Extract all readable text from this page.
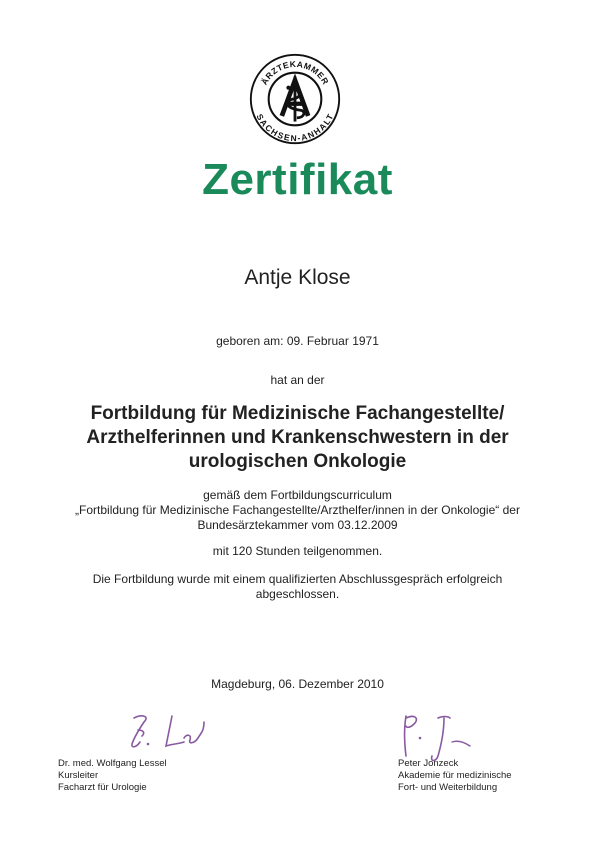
ÄRZTEKAMMER
SACHSEN-ANHALT
Zertifikat
Antje Klose
geboren am: 09. Februar 1971
hat an der
Fortbildung für Medizinische Fachangestellte/
Arzthelferinnen und Krankenschwestern in der
urologischen Onkologie
gemäß dem Fortbildungscurriculum
„Fortbildung für Medizinische Fachangestellte/Arzthelfer/innen in der Onkologie“ der
Bundesärztekammer vom 03.12.2009
mit 120 Stunden teilgenommen.
Die Fortbildung wurde mit einem qualifizierten Abschlussgespräch erfolgreich
abgeschlossen.
Magdeburg, 06. Dezember 2010
Dr. med. Wolfgang Lessel
Kursleiter
Facharzt für Urologie
Peter Jonzeck
Akademie für medizinische
Fort- und Weiterbildung
